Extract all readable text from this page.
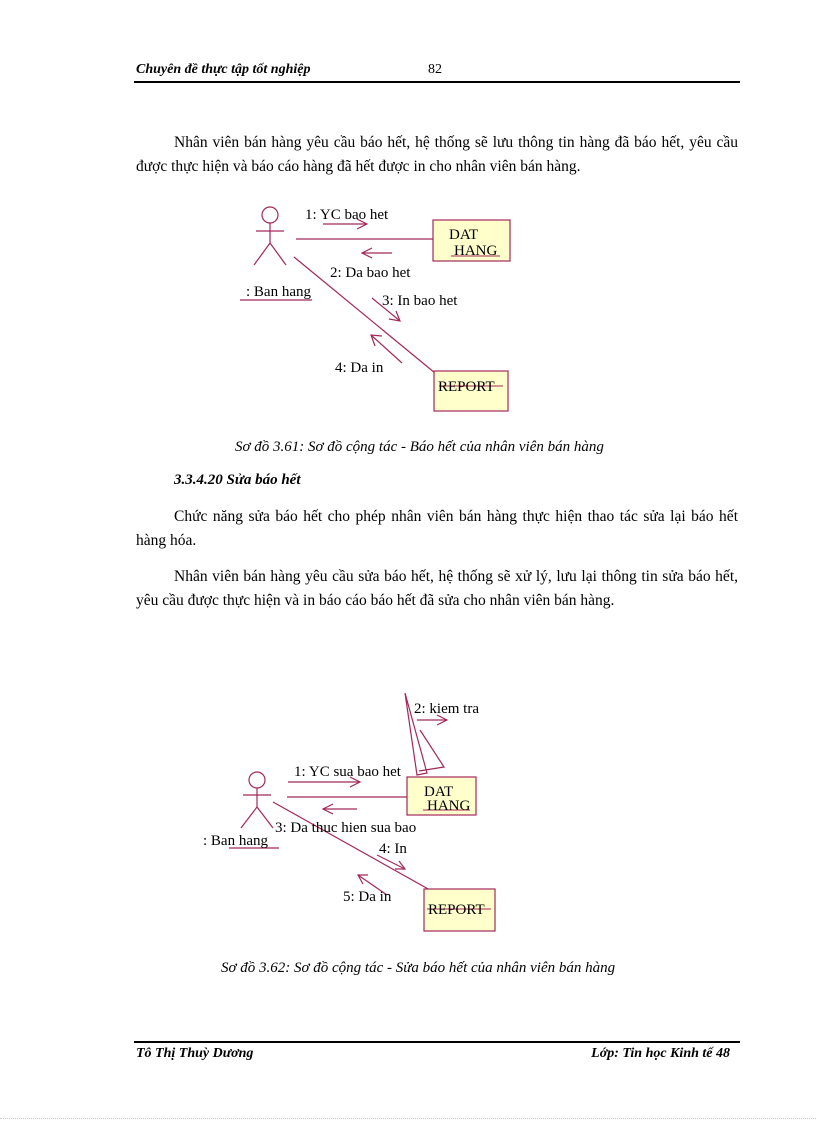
Chuyên đề thực tập tốt nghiệp	82
Nhân viên bán hàng yêu cầu báo hết, hệ thống sẽ lưu thông tin hàng đã báo hết, yêu cầu được thực hiện và báo cáo hàng đã hết được in cho nhân viên bán hàng.
DAT
HANG
REPORT
1: YC bao het
2: Da bao het
3: In bao het
4: Da in
: Ban hang
Sơ đồ 3.61: Sơ đồ cộng tác - Báo hết của nhân viên bán hàng
3.3.4.20 Sửa báo hết
Chức năng sửa báo hết cho phép nhân viên bán hàng thực hiện thao tác sửa lại báo hết hàng hóa.
Nhân viên bán hàng yêu cầu sửa báo hết, hệ thống sẽ xử lý, lưu lại thông tin sửa báo hết, yêu cầu được thực hiện và in báo cáo báo hết đã sửa cho nhân viên bán hàng.
DAT
HANG
REPORT
2: kiem tra
1: YC sua bao het
3: Da thuc hien sua bao
4: In
5: Da in
: Ban hang
Sơ đồ 3.62: Sơ đồ cộng tác - Sửa báo hết của nhân viên bán hàng
Tô Thị Thuỳ Dương	Lớp: Tin học Kinh tế 48
